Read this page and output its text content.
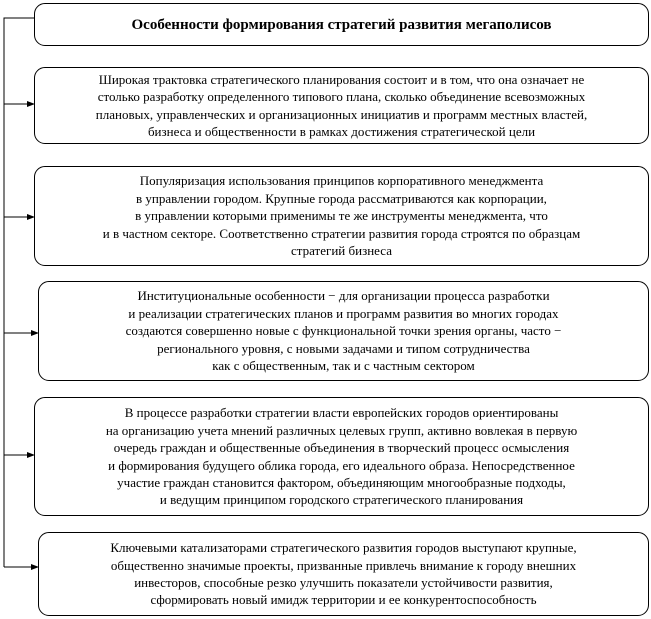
Особенности формирования стратегий развития мегаполисов
Широкая трактовка стратегического планирования состоит и в том, что она означает не
столько разработку определенного типового плана, сколько объединение всевозможных
плановых, управленческих и организационных инициатив и программ местных властей,
бизнеса и общественности в рамках достижения стратегической цели
Популяризация использования принципов корпоративного менеджмента
в управлении городом. Крупные города рассматриваются как корпорации,
в управлении которыми применимы те же инструменты менеджмента, что
и в частном секторе. Соответственно стратегии развития города строятся по образцам
стратегий бизнеса
Институциональные особенности − для организации процесса разработки
и реализации стратегических планов и программ развития во многих городах
создаются совершенно новые с функциональной точки зрения органы, часто −
регионального уровня, с новыми задачами и типом сотрудничества
как с общественным, так и с частным сектором
В процессе разработки стратегии власти европейских городов ориентированы
на организацию учета мнений различных целевых групп, активно вовлекая в первую
очередь граждан и общественные объединения в творческий процесс осмысления
и формирования будущего облика города, его идеального образа. Непосредственное
участие граждан становится фактором, объединяющим многообразные подходы,
и ведущим принципом городского стратегического планирования
Ключевыми катализаторами стратегического развития городов выступают крупные,
общественно значимые проекты, призванные привлечь внимание к городу внешних
инвесторов, способные резко улучшить показатели устойчивости развития,
сформировать новый имидж территории и ее конкурентоспособность
